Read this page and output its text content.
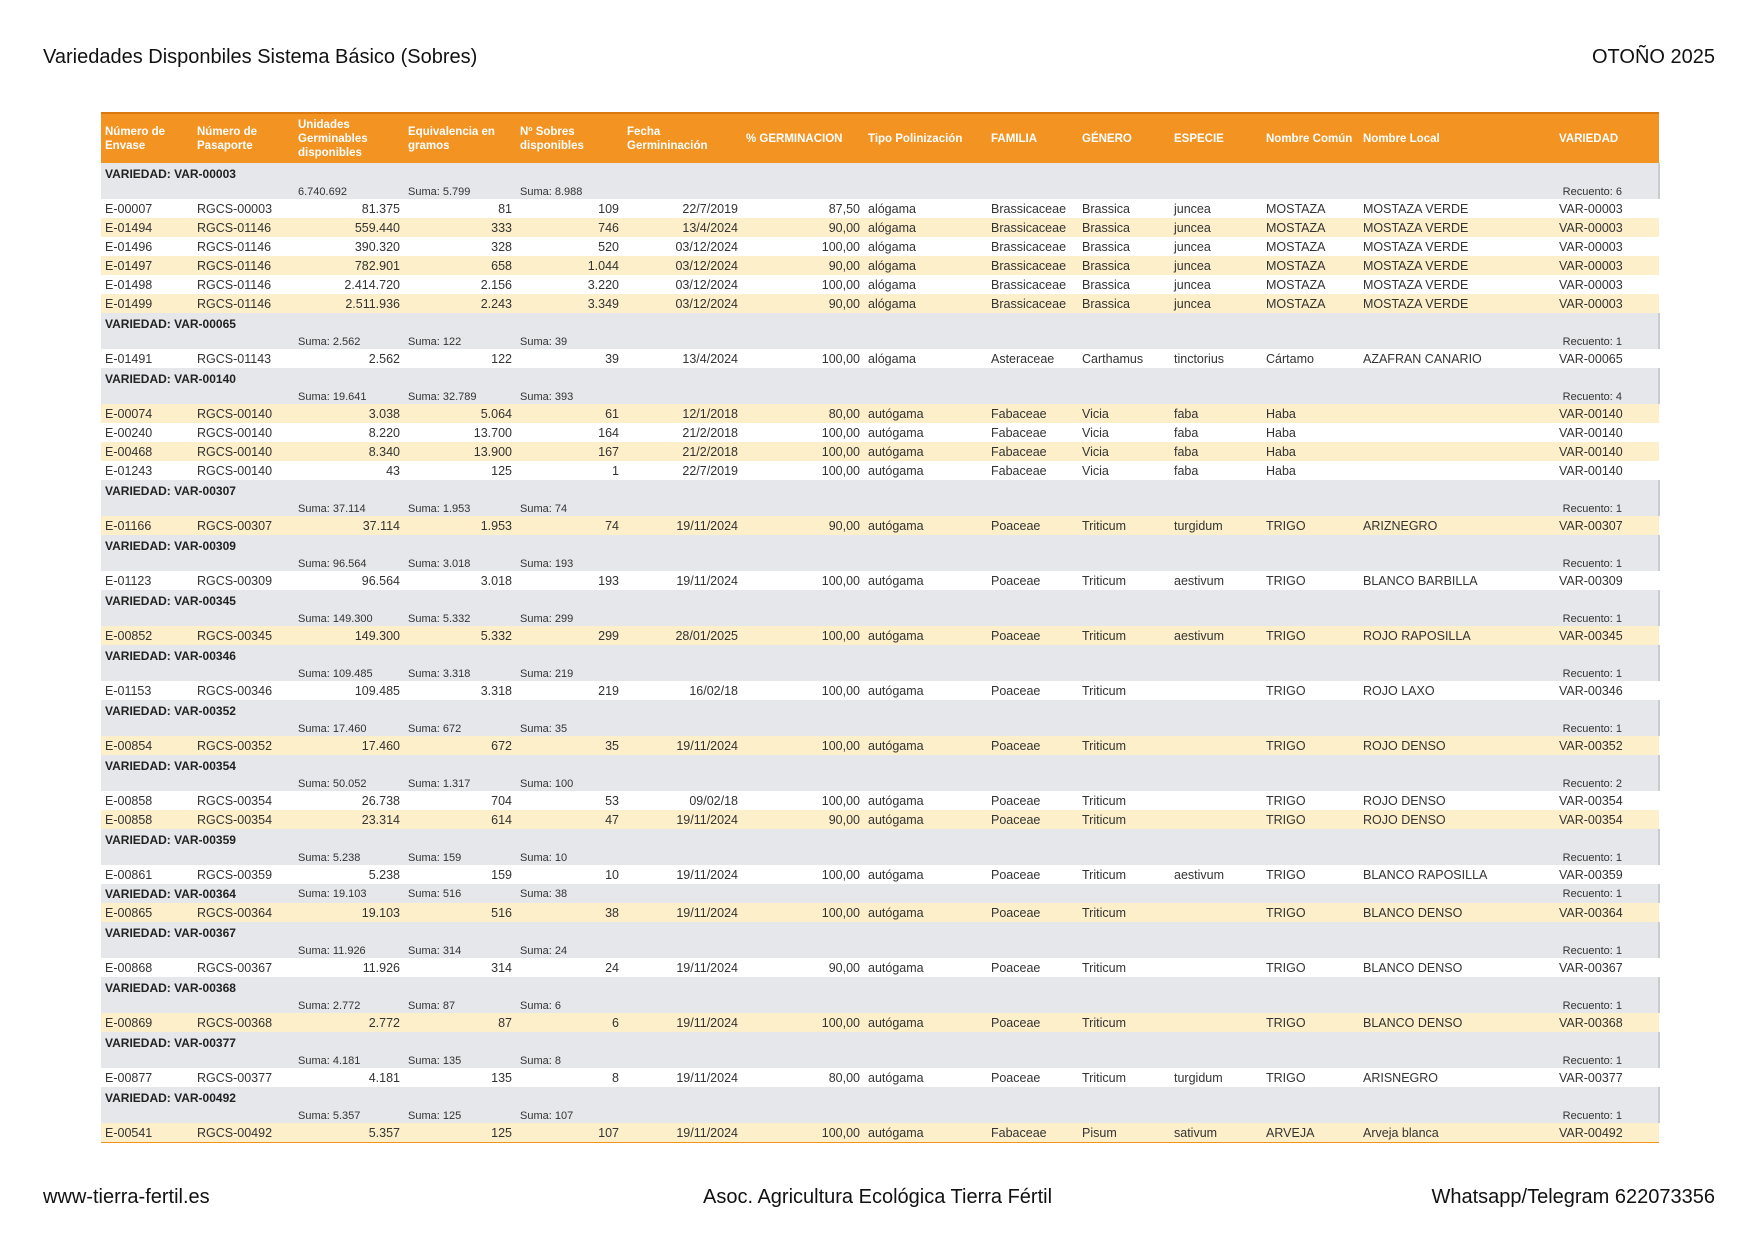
Variedades Disponbiles Sistema Básico (Sobres)	OTOÑO 2025
Número de Envase	Número de Pasaporte	Unidades Germinables disponibles	Equivalencia en gramos	Nº Sobres disponibles	Fecha Germininación	% GERMINACION	Tipo Polinización	FAMILIA	GÉNERO	ESPECIE	Nombre Común	Nombre Local	VARIEDAD
VARIEDAD: VAR-00003													
		6.740.692	Suma: 5.799	Suma: 8.988									Recuento: 6
E-00007	RGCS-00003	81.375	81	109	22/7/2019	87,50	alógama	Brassicaceae	Brassica	juncea	MOSTAZA	MOSTAZA VERDE	VAR-00003
E-01494	RGCS-01146	559.440	333	746	13/4/2024	90,00	alógama	Brassicaceae	Brassica	juncea	MOSTAZA	MOSTAZA VERDE	VAR-00003
E-01496	RGCS-01146	390.320	328	520	03/12/2024	100,00	alógama	Brassicaceae	Brassica	juncea	MOSTAZA	MOSTAZA VERDE	VAR-00003
E-01497	RGCS-01146	782.901	658	1.044	03/12/2024	90,00	alógama	Brassicaceae	Brassica	juncea	MOSTAZA	MOSTAZA VERDE	VAR-00003
E-01498	RGCS-01146	2.414.720	2.156	3.220	03/12/2024	100,00	alógama	Brassicaceae	Brassica	juncea	MOSTAZA	MOSTAZA VERDE	VAR-00003
E-01499	RGCS-01146	2.511.936	2.243	3.349	03/12/2024	90,00	alógama	Brassicaceae	Brassica	juncea	MOSTAZA	MOSTAZA VERDE	VAR-00003
VARIEDAD: VAR-00065													
		Suma: 2.562	Suma: 122	Suma: 39									Recuento: 1
E-01491	RGCS-01143	2.562	122	39	13/4/2024	100,00	alógama	Asteraceae	Carthamus	tinctorius	Cártamo	AZAFRAN CANARIO	VAR-00065
VARIEDAD: VAR-00140													
		Suma: 19.641	Suma: 32.789	Suma: 393									Recuento: 4
E-00074	RGCS-00140	3.038	5.064	61	12/1/2018	80,00	autógama	Fabaceae	Vicia	faba	Haba		VAR-00140
E-00240	RGCS-00140	8.220	13.700	164	21/2/2018	100,00	autógama	Fabaceae	Vicia	faba	Haba		VAR-00140
E-00468	RGCS-00140	8.340	13.900	167	21/2/2018	100,00	autógama	Fabaceae	Vicia	faba	Haba		VAR-00140
E-01243	RGCS-00140	43	125	1	22/7/2019	100,00	autógama	Fabaceae	Vicia	faba	Haba		VAR-00140
VARIEDAD: VAR-00307													
		Suma: 37.114	Suma: 1.953	Suma: 74									Recuento: 1
E-01166	RGCS-00307	37.114	1.953	74	19/11/2024	90,00	autógama	Poaceae	Triticum	turgidum	TRIGO	ARIZNEGRO	VAR-00307
VARIEDAD: VAR-00309													
		Suma: 96.564	Suma: 3.018	Suma: 193									Recuento: 1
E-01123	RGCS-00309	96.564	3.018	193	19/11/2024	100,00	autógama	Poaceae	Triticum	aestivum	TRIGO	BLANCO BARBILLA	VAR-00309
VARIEDAD: VAR-00345													
		Suma: 149.300	Suma: 5.332	Suma: 299									Recuento: 1
E-00852	RGCS-00345	149.300	5.332	299	28/01/2025	100,00	autógama	Poaceae	Triticum	aestivum	TRIGO	ROJO RAPOSILLA	VAR-00345
VARIEDAD: VAR-00346													
		Suma: 109.485	Suma: 3.318	Suma: 219									Recuento: 1
E-01153	RGCS-00346	109.485	3.318	219	16/02/18	100,00	autógama	Poaceae	Triticum		TRIGO	ROJO LAXO	VAR-00346
VARIEDAD: VAR-00352													
		Suma: 17.460	Suma: 672	Suma: 35									Recuento: 1
E-00854	RGCS-00352	17.460	672	35	19/11/2024	100,00	autógama	Poaceae	Triticum		TRIGO	ROJO DENSO	VAR-00352
VARIEDAD: VAR-00354													
		Suma: 50.052	Suma: 1.317	Suma: 100									Recuento: 2
E-00858	RGCS-00354	26.738	704	53	09/02/18	100,00	autógama	Poaceae	Triticum		TRIGO	ROJO DENSO	VAR-00354
E-00858	RGCS-00354	23.314	614	47	19/11/2024	90,00	autógama	Poaceae	Triticum		TRIGO	ROJO DENSO	VAR-00354
VARIEDAD: VAR-00359													
		Suma: 5.238	Suma: 159	Suma: 10									Recuento: 1
E-00861	RGCS-00359	5.238	159	10	19/11/2024	100,00	autógama	Poaceae	Triticum	aestivum	TRIGO	BLANCO RAPOSILLA	VAR-00359
VARIEDAD: VAR-00364		Suma: 19.103	Suma: 516	Suma: 38									Recuento: 1
E-00865	RGCS-00364	19.103	516	38	19/11/2024	100,00	autógama	Poaceae	Triticum		TRIGO	BLANCO DENSO	VAR-00364
VARIEDAD: VAR-00367													
		Suma: 11.926	Suma: 314	Suma: 24									Recuento: 1
E-00868	RGCS-00367	11.926	314	24	19/11/2024	90,00	autógama	Poaceae	Triticum		TRIGO	BLANCO DENSO	VAR-00367
VARIEDAD: VAR-00368													
		Suma: 2.772	Suma: 87	Suma: 6									Recuento: 1
E-00869	RGCS-00368	2.772	87	6	19/11/2024	100,00	autógama	Poaceae	Triticum		TRIGO	BLANCO DENSO	VAR-00368
VARIEDAD: VAR-00377													
		Suma: 4.181	Suma: 135	Suma: 8									Recuento: 1
E-00877	RGCS-00377	4.181	135	8	19/11/2024	80,00	autógama	Poaceae	Triticum	turgidum	TRIGO	ARISNEGRO	VAR-00377
VARIEDAD: VAR-00492													
		Suma: 5.357	Suma: 125	Suma: 107									Recuento: 1
E-00541	RGCS-00492	5.357	125	107	19/11/2024	100,00	autógama	Fabaceae	Pisum	sativum	ARVEJA	Arveja blanca	VAR-00492
www-tierra-fertil.es	Asoc. Agricultura Ecológica Tierra Fértil	Whatsapp/Telegram 622073356
